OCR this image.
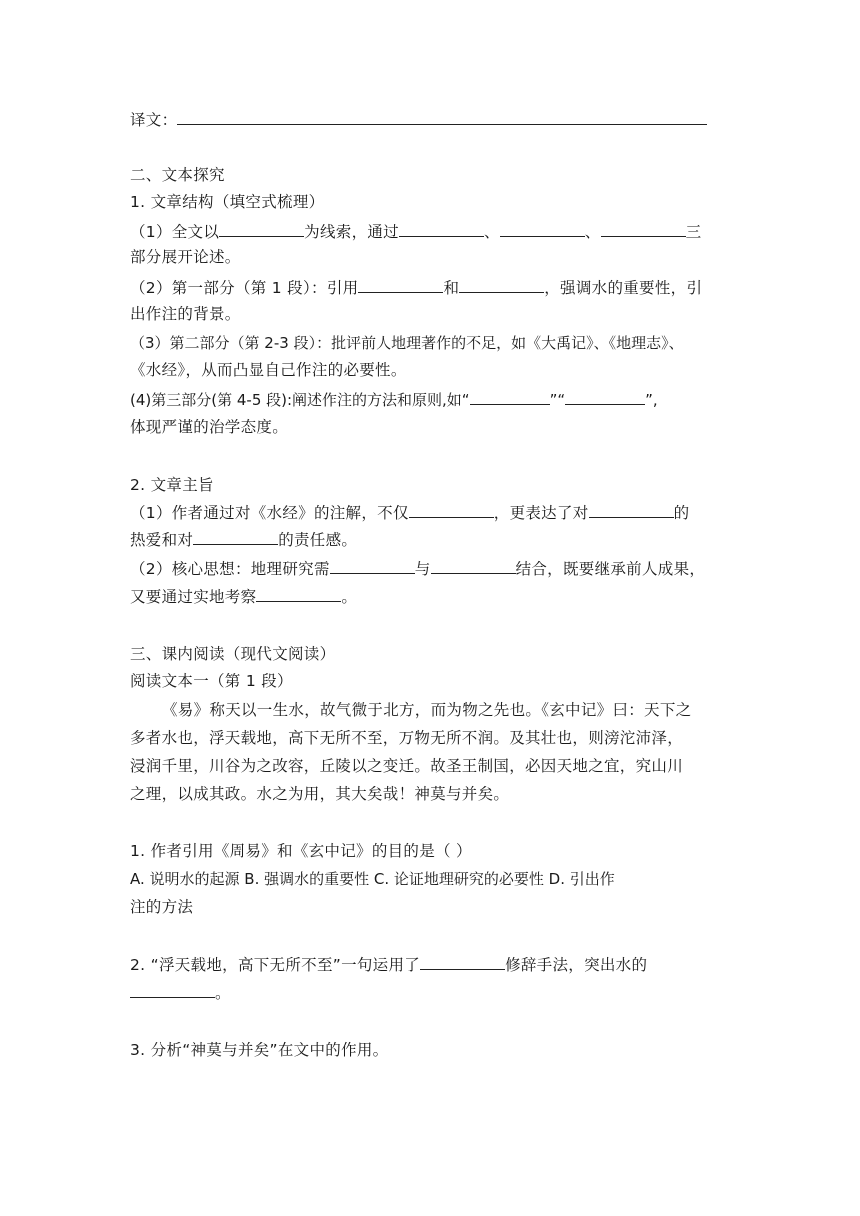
译文：
二、文本探究
1. 文章结构（填空式梳理）
（1）全文以	为线索，通过	、	、	三
部分展开论述。
（2）第一部分（第 1 段）：引用	和	，强调水的重要性，引
出作注的背景。
（3）第二部分（第 2-3 段）：批评前人地理著作的不足，如《大禹记》、《地理志》、
《水经》，从而凸显自己作注的必要性。
(4)第三部分(第 4-5 段):阐述作注的方法和原则,如“	”“	”,
体现严谨的治学态度。
2. 文章主旨
（1）作者通过对《水经》的注解，不仅	，更表达了对	的
热爱和对	的责任感。
（2）核心思想：地理研究需	与	结合，既要继承前人成果，
又要通过实地考察	。
三、课内阅读（现代文阅读）
阅读文本一（第 1 段）
《易》称天以一生水，故气微于北方，而为物之先也。《玄中记》曰：天下之
多者水也，浮天载地，高下无所不至，万物无所不润。及其壮也，则滂沱沛泽，
浸润千里，川谷为之改容，丘陵以之变迁。故圣王制国，必因天地之宜，究山川
之理，以成其政。水之为用，其大矣哉！神莫与并矣。
1. 作者引用《周易》和《玄中记》的目的是（ ）
A. 说明水的起源 B. 强调水的重要性 C. 论证地理研究的必要性 D. 引出作
注的方法
2. “浮天载地，高下无所不至”一句运用了	修辞手法，突出水的
。
3. 分析“神莫与并矣”在文中的作用。
